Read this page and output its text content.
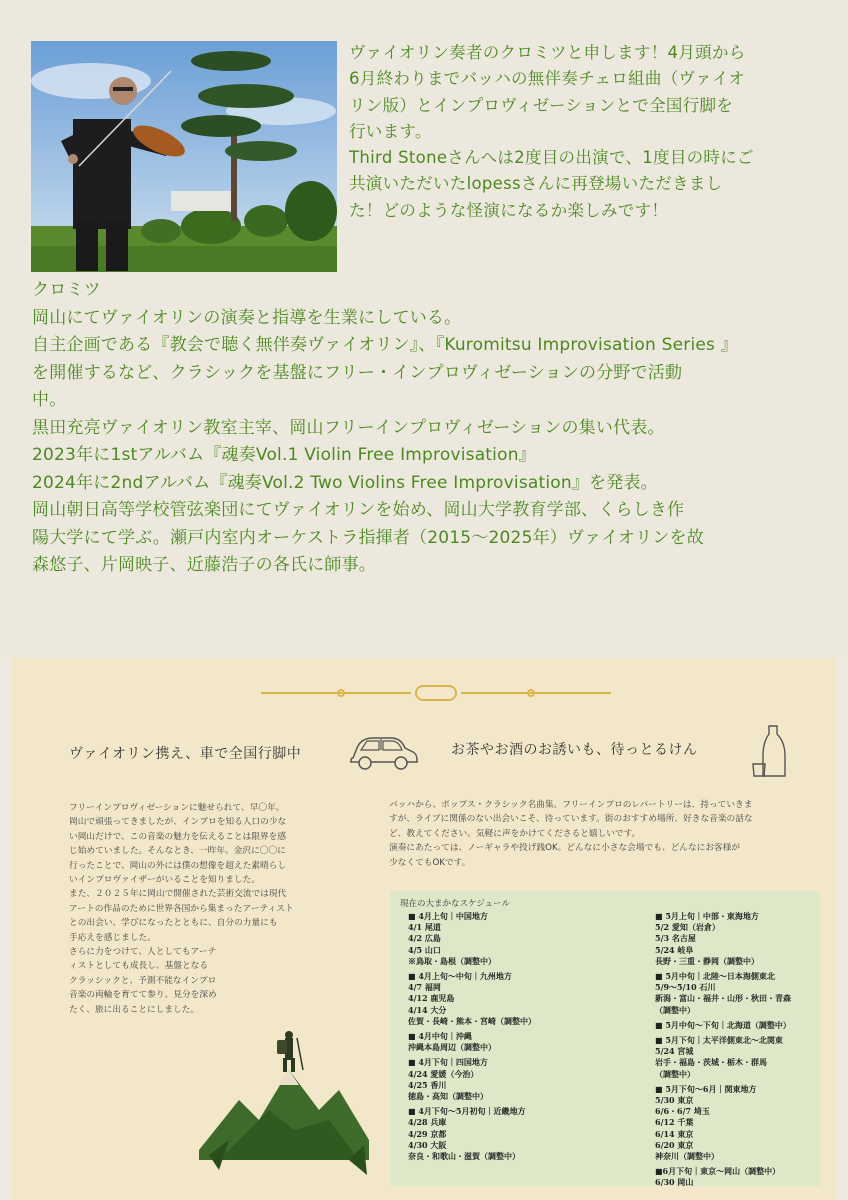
ヴァイオリン奏者のクロミツと申します！4月頭から

6月終わりまでバッハの無伴奏チェロ組曲（ヴァイオ

リン版）とインプロヴィゼーションとで全国行脚を

行います。

Third Stoneさんへは2度目の出演で、1度目の時にご

共演いただいたlopessさんに再登場いただきまし

た！どのような怪演になるか楽しみです！

クロミツ

岡山にてヴァイオリンの演奏と指導を生業にしている。

自主企画である『教会で聴く無伴奏ヴァイオリン』、『Kuromitsu Improvisation Series 』

を開催するなど、クラシックを基盤にフリー・インプロヴィゼーションの分野で活動

中。

黒田充亮ヴァイオリン教室主宰、岡山フリーインプロヴィゼーションの集い代表。

2023年に1stアルバム『魂奏Vol.1 Violin Free Improvisation』

2024年に2ndアルバム『魂奏Vol.2 Two Violins Free Improvisation』を発表。

岡山朝日高等学校管弦楽団にてヴァイオリンを始め、岡山大学教育学部、くらしき作

陽大学にて学ぶ。瀬戸内室内オーケストラ指揮者（2015〜2025年）ヴァイオリンを故

森悠子、片岡映子、近藤浩子の各氏に師事。

ヴァイオリン携え、車で全国行脚中	お茶やお酒のお誘いも、待っとるけん

フリーインプロヴィゼーションに魅せられて、早〇年。

岡山で頑張ってきましたが、インプロを知る人口の少な

い岡山だけで、この音楽の魅力を伝えることは限界を感

じ始めていました。そんなとき、一昨年、金沢に〇〇に

行ったことで、岡山の外には僕の想像を超えた素晴らし

いインプロヴァイザーがいることを知りました。

また、２０２５年に岡山で開催された芸術交流では現代

アートの作品のために世界各国から集まったアーティスト

との出会い、学びになったとともに、自分の力量にも

手応えを感じました。

さらに力をつけて、人としてもアーテ

ィストとしても成長し、基盤となる

クラッシックと、予測不能なインプロ

音楽の両輪を育てて参り、見分を深め

たく、旅に出ることにしました。

バッハから、ポップス・クラシック名曲集、フリーインプロのレパートリーは、持っていきま

すが、ライブに関係のない出会いこそ、待っています。街のおすすめ場所、好きな音楽の話な

ど、教えてください。気軽に声をかけてくださると嬉しいです。

演奏にあたっては、ノーギャラや投げ銭OK。どんなに小さな会場でも、どんなにお客様が

少なくてもOKです。

現在の大まかなスケジュール
■ 4月上旬｜中国地方
4/1 尾道
4/2 広島
4/5 山口
※鳥取・島根（調整中）
■ 4月上旬〜中旬｜九州地方
4/7 福岡
4/12 鹿児島
4/14 大分
佐賀・長崎・熊本・宮崎（調整中）
■ 4月中旬｜沖縄
沖縄本島周辺（調整中）
■ 4月下旬｜四国地方
4/24 愛媛（今治）
4/25 香川
徳島・高知（調整中）
■ 4月下旬〜5月初旬｜近畿地方
4/28 兵庫
4/29 京都
4/30 大阪
奈良・和歌山・滋賀（調整中）
■ 5月上旬｜中部・東海地方
5/2 愛知（岩倉）
5/3 名古屋
5/24 岐阜
長野・三重・静岡（調整中）
■ 5月中旬｜北陸〜日本海側東北
5/9〜5/10 石川
新潟・富山・福井・山形・秋田・青森
（調整中）
■ 5月中旬〜下旬｜北海道（調整中）
■ 5月下旬｜太平洋側東北〜北関東
5/24 宮城
岩手・福島・茨城・栃木・群馬
（調整中）
■ 5月下旬〜6月｜関東地方
5/30 東京
6/6・6/7 埼玉
6/12 千葉
6/14 東京
6/20 東京
神奈川（調整中）
■6月下旬｜東京〜岡山（調整中）
6/30 岡山
